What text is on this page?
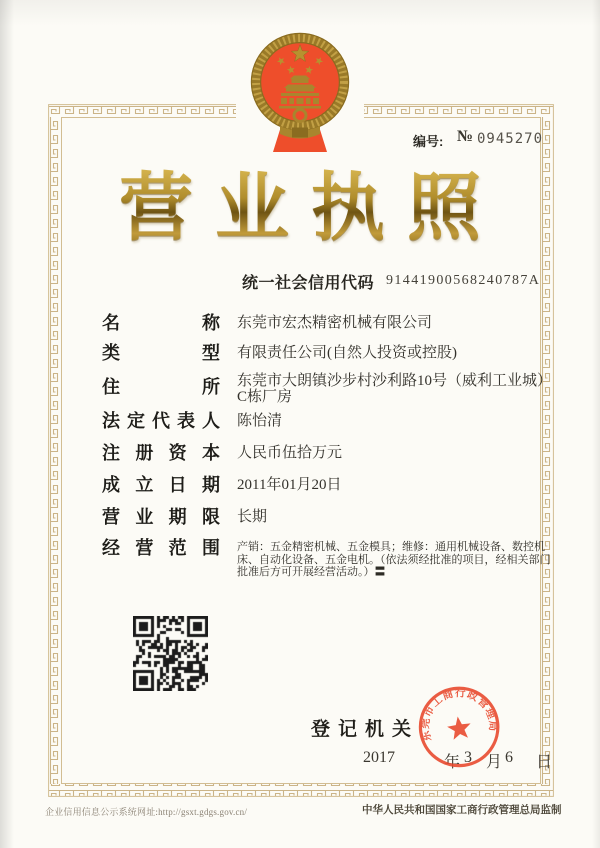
编号: № 0945270
营业执照
统一社会信用代码 91441900568240787A
名称 东莞市宏杰精密机械有限公司
类型 有限责任公司(自然人投资或控股)
住所 东莞市大朗镇沙步村沙利路10号（威利工业城）C栋厂房
法定代表人 陈怡清
注册资本 人民币伍拾万元
成立日期 2011年01月20日
营业期限 长期
经营范围 产销：五金精密机械、五金模具；维修：通用机械设备、数控机床、自动化设备、五金电机。（依法须经批准的项目，经相关部门批准后方可开展经营活动。）〓
登记机关
2017	年 3 月 6 日
东莞市工商行政管理局
企业信用信息公示系统网址:http://gsxt.gdgs.gov.cn/	中华人民共和国国家工商行政管理总局监制
